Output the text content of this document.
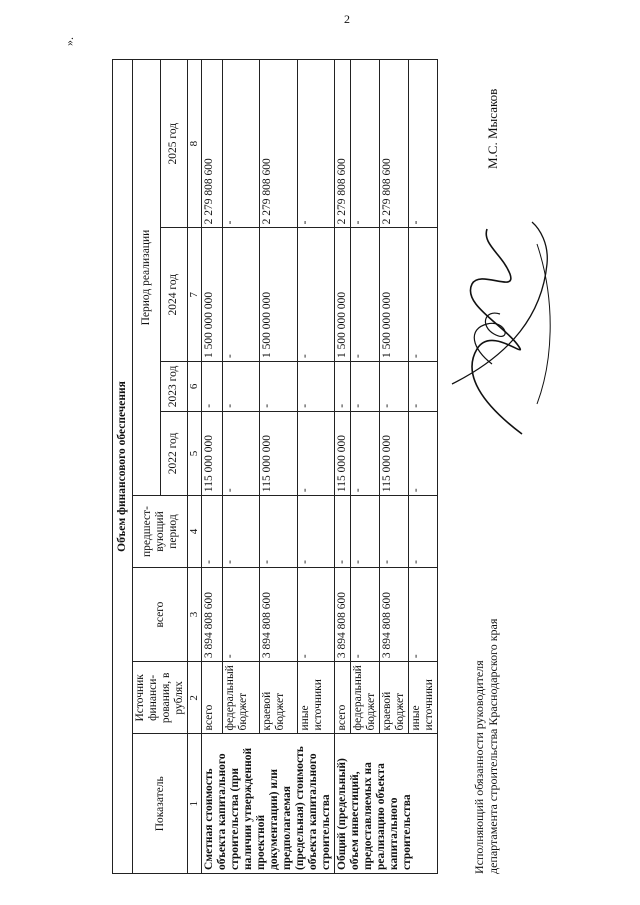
2
».
Объем финансового обеспечения							
Показатель	Источник финанси-рования, в рублях	всего	предшест-вующий период	Период реализации			
				2022 год	2023 год	2024 год	2025 год
1	2	3	4	5	6	7	8
Сметная стоимость объекта капитального строительства (при наличии утвержденной проектной документации) или предполагаемая (предельная) стоимость объекта капитального строительства	всего	3 894 808 600	-	115 000 000	-	1 500 000 000	2 279 808 600
	федеральный бюджет	-	-	-	-	-	-
	краевой бюджет	3 894 808 600	-	115 000 000	-	1 500 000 000	2 279 808 600
	иные источники	-	-	-	-	-	-
Общий (предельный) объем инвестиций, предоставляемых на реализацию объекта капитального строительства	всего	3 894 808 600	-	115 000 000	-	1 500 000 000	2 279 808 600
	федеральный бюджет	-	-	-	-	-	-
	краевой бюджет	3 894 808 600	-	115 000 000	-	1 500 000 000	2 279 808 600
	иные источники	-	-	-	-	-	-
Исполняющий обязанности руководителя департамента строительства Краснодарского края
М.С. Мысаков
